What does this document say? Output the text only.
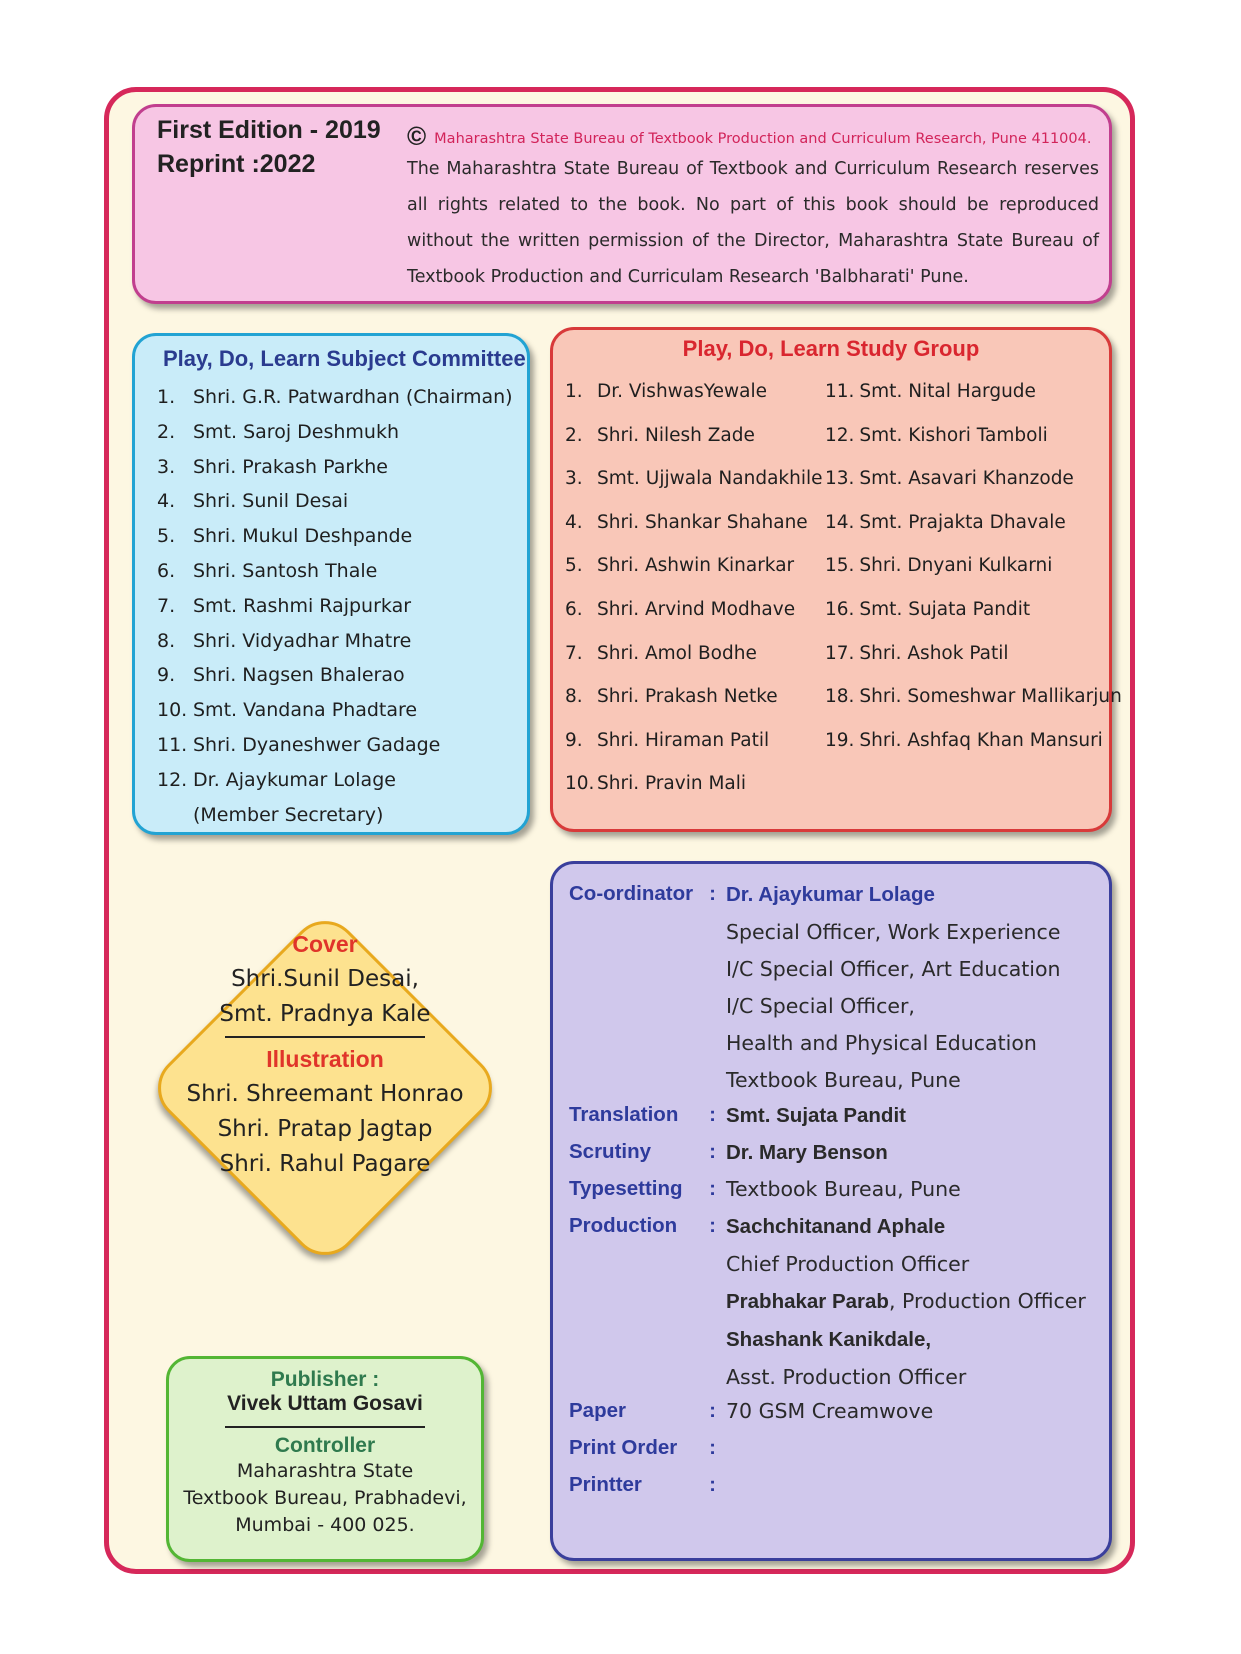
First Edition - 2019
Reprint :2022
© Maharashtra State Bureau of Textbook Production and Curriculum Research, Pune 411004.
The Maharashtra State Bureau of Textbook and Curriculum Research reserves all rights related to the book. No part of this book should be reproduced without the written permission of the Director, Maharashtra State Bureau of Textbook Production and Curriculam Research 'Balbharati' Pune.
Play, Do, Learn Subject Committee
1. Shri. G.R. Patwardhan (Chairman)
2. Smt. Saroj Deshmukh
3. Shri. Prakash Parkhe
4. Shri. Sunil Desai
5. Shri. Mukul Deshpande
6. Shri. Santosh Thale
7. Smt. Rashmi Rajpurkar
8. Shri. Vidyadhar Mhatre
9. Shri. Nagsen Bhalerao
10. Smt. Vandana Phadtare
11. Shri. Dyaneshwer Gadage
12. Dr. Ajaykumar Lolage
(Member Secretary)
Play, Do, Learn Study Group
1. Dr. VishwasYewale
2. Shri. Nilesh Zade
3. Smt. Ujjwala Nandakhile
4. Shri. Shankar Shahane
5. Shri. Ashwin Kinarkar
6. Shri. Arvind Modhave
7. Shri. Amol Bodhe
8. Shri. Prakash Netke
9. Shri. Hiraman Patil
10. Shri. Pravin Mali
11. Smt. Nital Hargude
12. Smt. Kishori Tamboli
13. Smt. Asavari Khanzode
14. Smt. Prajakta Dhavale
15. Shri. Dnyani Kulkarni
16. Smt. Sujata Pandit
17. Shri. Ashok Patil
18. Shri. Someshwar Mallikarjun
19. Shri. Ashfaq Khan Mansuri
Cover
Shri.Sunil Desai,
Smt. Pradnya Kale
Illustration
Shri. Shreemant Honrao
Shri. Pratap Jagtap
Shri. Rahul Pagare
Publisher :
Vivek Uttam Gosavi
Controller
Maharashtra State
Textbook Bureau, Prabhadevi,
Mumbai - 400 025.
Co-ordinator : Dr. Ajaykumar Lolage
Special Officer, Work Experience
I/C Special Officer, Art Education
I/C Special Officer,
Health and Physical Education
Textbook Bureau, Pune
Translation : Smt. Sujata Pandit
Scrutiny	: Dr. Mary Benson
Typesetting : Textbook Bureau, Pune
Production : Sachchitanand Aphale
Chief Production Officer
Prabhakar Parab, Production Officer
Shashank Kanikdale,
Asst. Production Officer
Paper	: 70 GSM Creamwove
Print Order :
Printter	:
